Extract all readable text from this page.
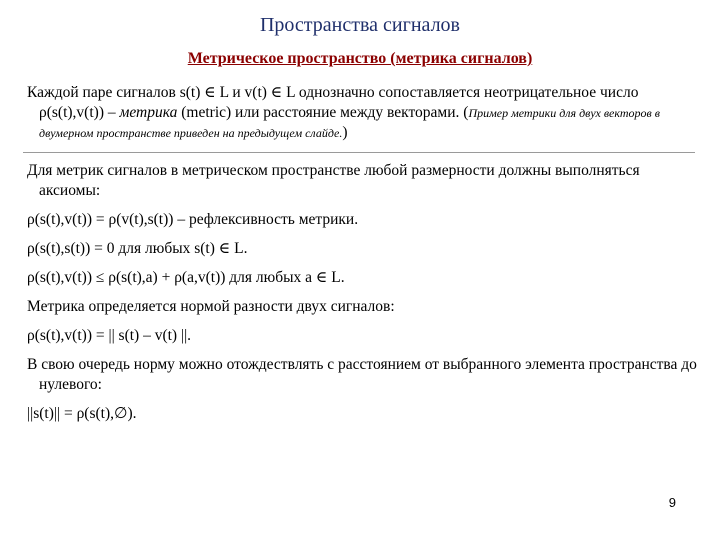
Пространства сигналов
Метрическое пространство (метрика сигналов)

Каждой паре сигналов s(t) ∈ L и v(t) ∈ L однозначно сопоставляется неотрицательное число ρ(s(t),v(t)) – метрика (metric) или расстояние между векторами. (Пример метрики для двух векторов в двумерном пространстве приведен на предыдущем слайде.)

Для метрик сигналов в метрическом пространстве любой размерности должны выполняться аксиомы:

ρ(s(t),v(t)) = ρ(v(t),s(t)) – рефлексивность метрики.

ρ(s(t),s(t)) = 0 для любых s(t) ∈ L.

ρ(s(t),v(t)) ≤ ρ(s(t),a) + ρ(a,v(t)) для любых a ∈ L.

Метрика определяется нормой разности двух сигналов:

ρ(s(t),v(t)) = || s(t) – v(t) ||.

В свою очередь норму можно отождествлять с расстоянием от выбранного элемента пространства до нулевого:

||s(t)|| = ρ(s(t),∅).

9
